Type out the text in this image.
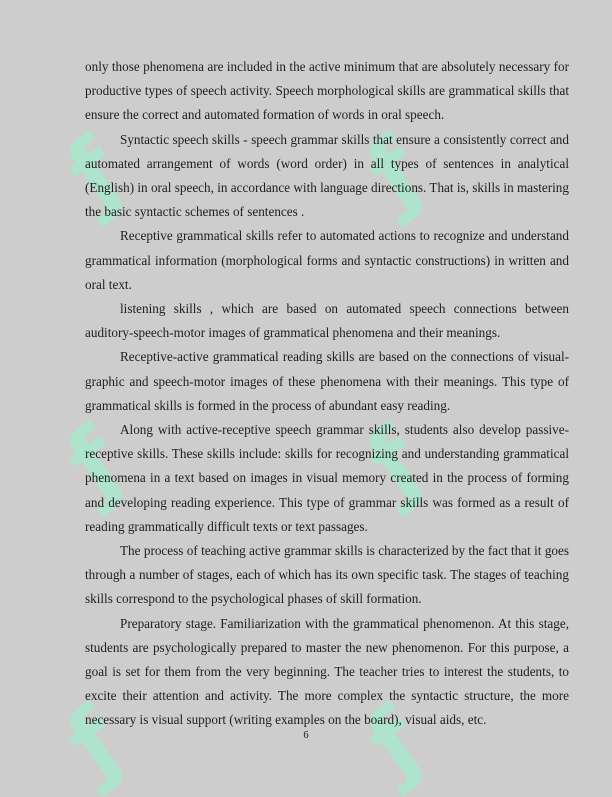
ƒ ƒ
ƒ ƒ
ƒ ƒ

only those phenomena are included in the active minimum that are absolutely necessary for productive types of speech activity. Speech morphological skills are grammatical skills that ensure the correct and automated formation of words in oral speech.

Syntactic speech skills - speech grammar skills that ensure a consistently correct and automated arrangement of words (word order) in all types of sentences in analytical (English) in oral speech, in accordance with language directions. That is, skills in mastering the basic syntactic schemes of sentences .

Receptive grammatical skills refer to automated actions to recognize and understand grammatical information (morphological forms and syntactic constructions) in written and oral text.

listening skills , which are based on automated speech connections between auditory-speech-motor images of grammatical phenomena and their meanings.

Receptive-active grammatical reading skills are based on the connections of visual-graphic and speech-motor images of these phenomena with their meanings. This type of grammatical skills is formed in the process of abundant easy reading.

Along with active-receptive speech grammar skills, students also develop passive-receptive skills. These skills include: skills for recognizing and understanding grammatical phenomena in a text based on images in visual memory created in the process of forming and developing reading experience. This type of grammar skills was formed as a result of reading grammatically difficult texts or text passages.

The process of teaching active grammar skills is characterized by the fact that it goes through a number of stages, each of which has its own specific task. The stages of teaching skills correspond to the psychological phases of skill formation.

Preparatory stage. Familiarization with the grammatical phenomenon. At this stage, students are psychologically prepared to master the new phenomenon. For this purpose, a goal is set for them from the very beginning. The teacher tries to interest the students, to excite their attention and activity. The more complex the syntactic structure, the more necessary is visual support (writing examples on the board), visual aids, etc.

6
